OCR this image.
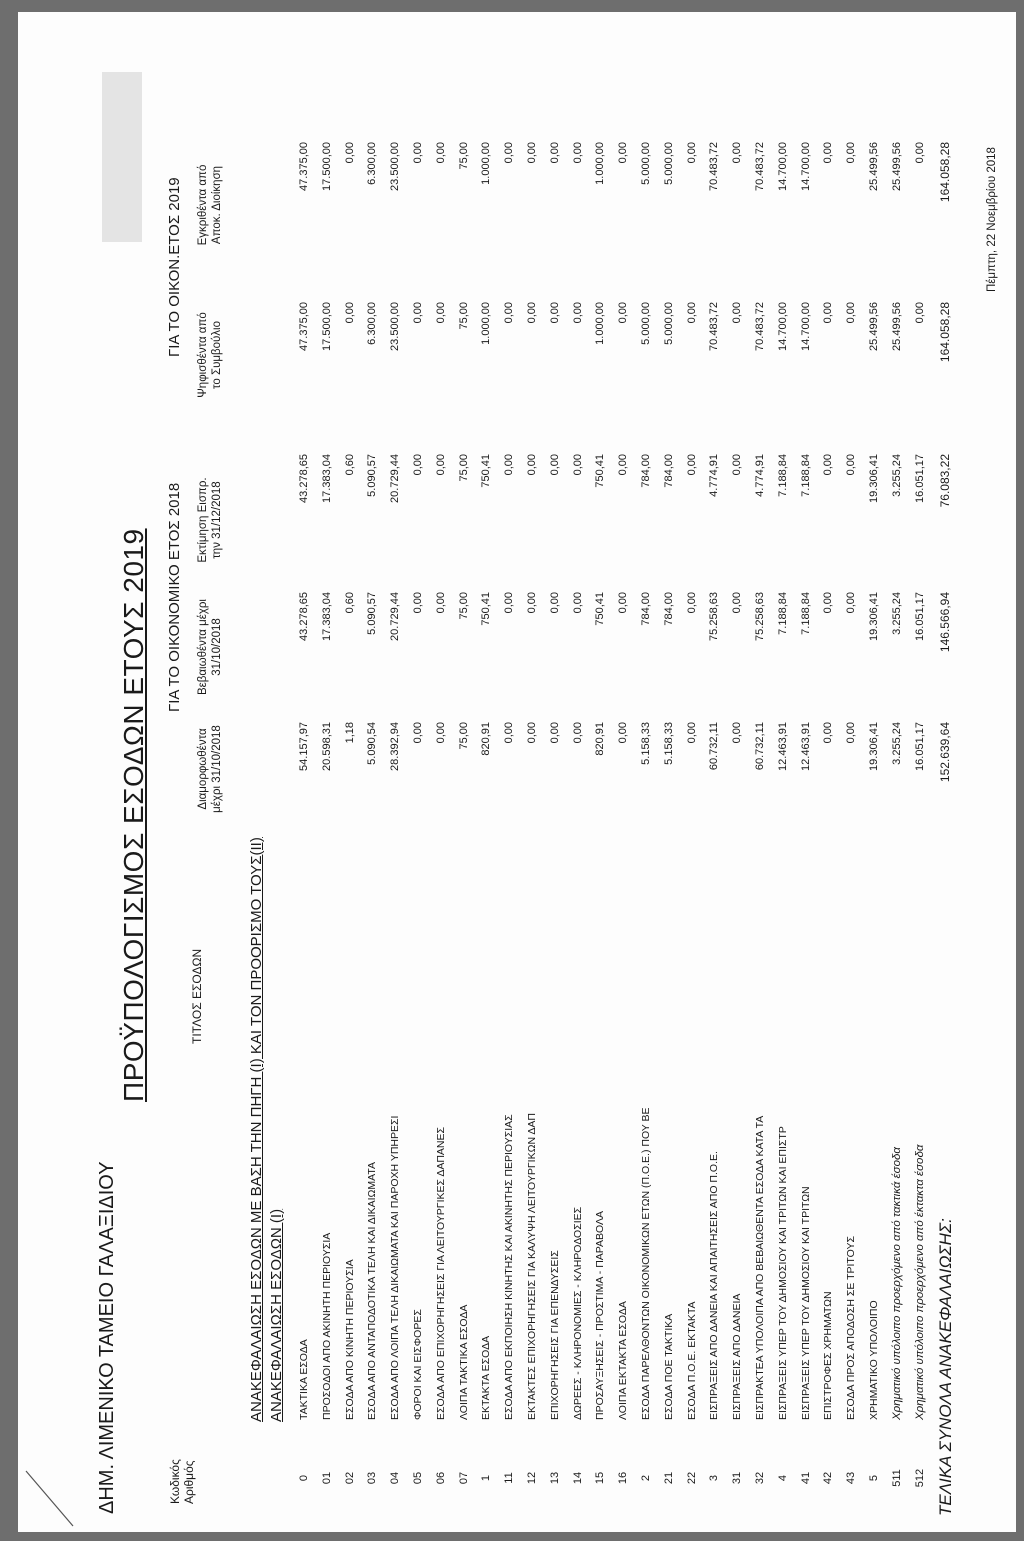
ΔΗΜ. ΛΙΜΕΝΙΚΟ ΤΑΜΕΙΟ ΓΑΛΑΞΙΔΙΟΥ
ΠΡΟΫΠΟΛΟΓΙΣΜΟΣ ΕΣΟΔΩΝ ΕΤΟΥΣ 2019
Κωδικός Αριθμός
ΤΙΤΛΟΣ ΕΣΟΔΩΝ
ΓΙΑ ΤΟ ΟΙΚΟΝΟΜΙΚΟ ΕΤΟΣ 2018
ΓΙΑ ΤΟ ΟΙΚΟΝ.ΕΤΟΣ 2019
Διαμορφωθέντα μέχρι 31/10/2018
Βεβαιωθέντα μέχρι 31/10/2018
Εκτίμηση Εισπρ. την 31/12/2018
Ψηφισθέντα από το Συμβούλιο
Εγκριθέντα από Αποκ. Διοίκηση
ΑΝΑΚΕΦΑΛΑΙΩΣΗ ΕΣΟΔΩΝ ΜΕ ΒΑΣΗ ΤΗΝ ΠΗΓΗ (Ι) ΚΑΙ ΤΟΝ ΠΡΟΟΡΙΣΜΟ ΤΟΥΣ(ΙΙ) ΑΝΑΚΕΦΑΛΑΙΩΣΗ ΕΣΟΔΩΝ (Ι)
0
ΤΑΚΤΙΚΑ ΕΣΟΔΑ
54.157,97
43.278,65
43.278,65
47.375,00
47.375,00
01
ΠΡΟΣΟΔΟΙ ΑΠΟ ΑΚΙΝΗΤΗ ΠΕΡΙΟΥΣΙΑ
20.598,31
17.383,04
17.383,04
17.500,00
17.500,00
02
ΕΣΟΔΑ ΑΠΟ ΚΙΝΗΤΗ ΠΕΡΙΟΥΣΙΑ
1,18
0,60
0,60
0,00
0,00
03
ΕΣΟΔΑ ΑΠΟ ΑΝΤΑΠΟΔΟΤΙΚΑ ΤΕΛΗ ΚΑΙ ΔΙΚΑΙΩΜΑΤΑ
5.090,54
5.090,57
5.090,57
6.300,00
6.300,00
04
ΕΣΟΔΑ ΑΠΟ ΛΟΙΠΑ ΤΕΛΗ ΔΙΚΑΙΩΜΑΤΑ ΚΑΙ ΠΑΡΟΧΗ ΥΠΗΡΕΣΙ
28.392,94
20.729,44
20.729,44
23.500,00
23.500,00
05
ΦΟΡΟΙ ΚΑΙ ΕΙΣΦΟΡΕΣ
0,00
0,00
0,00
0,00
0,00
06
ΕΣΟΔΑ ΑΠΟ ΕΠΙΧΟΡΗΓΗΣΕΙΣ ΓΙΑ ΛΕΙΤΟΥΡΓΙΚΕΣ ΔΑΠΑΝΕΣ
0,00
0,00
0,00
0,00
0,00
07
ΛΟΙΠΑ ΤΑΚΤΙΚΑ ΕΣΟΔΑ
75,00
75,00
75,00
75,00
75,00
1
ΕΚΤΑΚΤΑ ΕΣΟΔΑ
820,91
750,41
750,41
1.000,00
1.000,00
11
ΕΣΟΔΑ ΑΠΟ ΕΚΠΟΙΗΣΗ ΚΙΝΗΤΗΣ ΚΑΙ ΑΚΙΝΗΤΗΣ ΠΕΡΙΟΥΣΙΑΣ
0,00
0,00
0,00
0,00
0,00
12
ΕΚΤΑΚΤΕΣ ΕΠΙΧΟΡΗΓΗΣΕΙΣ ΓΙΑ ΚΑΛΥΨΗ ΛΕΙΤΟΥΡΓΙΚΩΝ ΔΑΠ
0,00
0,00
0,00
0,00
0,00
13
ΕΠΙΧΟΡΗΓΗΣΕΙΣ ΓΙΑ ΕΠΕΝΔΥΣΕΙΣ
0,00
0,00
0,00
0,00
0,00
14
ΔΩΡΕΕΣ - ΚΛΗΡΟΝΟΜΙΕΣ - ΚΛΗΡΟΔΟΣΙΕΣ
0,00
0,00
0,00
0,00
0,00
15
ΠΡΟΣΑΥΞΗΣΕΙΣ - ΠΡΟΣΤΙΜΑ - ΠΑΡΑΒΟΛΑ
820,91
750,41
750,41
1.000,00
1.000,00
16
ΛΟΙΠΑ ΕΚΤΑΚΤΑ ΕΣΟΔΑ
0,00
0,00
0,00
0,00
0,00
2
ΕΣΟΔΑ ΠΑΡΕΛΘΟΝΤΩΝ ΟΙΚΟΝΟΜΙΚΩΝ ΕΤΩΝ (Π.Ο.Ε.) ΠΟΥ ΒΕ
5.158,33
784,00
784,00
5.000,00
5.000,00
21
ΕΣΟΔΑ ΠΟΕ ΤΑΚΤΙΚΑ
5.158,33
784,00
784,00
5.000,00
5.000,00
22
ΕΣΟΔΑ Π.Ο.Ε. ΕΚΤΑΚΤΑ
0,00
0,00
0,00
0,00
0,00
3
ΕΙΣΠΡΑΞΕΙΣ ΑΠΟ ΔΑΝΕΙΑ ΚΑΙ ΑΠΑΙΤΗΣΕΙΣ ΑΠΟ Π.Ο.Ε.
60.732,11
75.258,63
4.774,91
70.483,72
70.483,72
31
ΕΙΣΠΡΑΞΕΙΣ ΑΠΟ ΔΑΝΕΙΑ
0,00
0,00
0,00
0,00
0,00
32
ΕΙΣΠΡΑΚΤΕΑ ΥΠΟΛΟΙΠΑ ΑΠΟ ΒΕΒΑΙΩΘΕΝΤΑ ΕΣΟΔΑ ΚΑΤΑ ΤΑ
60.732,11
75.258,63
4.774,91
70.483,72
70.483,72
4
ΕΙΣΠΡΑΞΕΙΣ ΥΠΕΡ ΤΟΥ ΔΗΜΟΣΙΟΥ ΚΑΙ ΤΡΙΤΩΝ ΚΑΙ ΕΠΙΣΤΡ
12.463,91
7.188,84
7.188,84
14.700,00
14.700,00
41
ΕΙΣΠΡΑΞΕΙΣ ΥΠΕΡ ΤΟΥ ΔΗΜΟΣΙΟΥ ΚΑΙ ΤΡΙΤΩΝ
12.463,91
7.188,84
7.188,84
14.700,00
14.700,00
42
ΕΠΙΣΤΡΟΦΕΣ ΧΡΗΜΑΤΩΝ
0,00
0,00
0,00
0,00
0,00
43
ΕΣΟΔΑ ΠΡΟΣ ΑΠΟΔΟΣΗ ΣΕ ΤΡΙΤΟΥΣ
0,00
0,00
0,00
0,00
0,00
5
ΧΡΗΜΑΤΙΚΟ ΥΠΟΛΟΙΠΟ
19.306,41
19.306,41
19.306,41
25.499,56
25.499,56
511
Χρηματικό υπόλοιπο προερχόμενο από τακτικά έσοδα
3.255,24
3.255,24
3.255,24
25.499,56
25.499,56
512
Χρηματικό υπόλοιπο προερχόμενο από έκτακτα έσοδα
16.051,17
16.051,17
16.051,17
0,00
0,00
ΤΕΛΙΚΑ ΣΥΝΟΛΑ ΑΝΑΚΕΦΑΛΑΙΩΣΗΣ:
152.639,64
146.566,94
76.083,22
164.058,28
164.058,28	Πέμπτη, 22 Νοεμβρίου 2018
